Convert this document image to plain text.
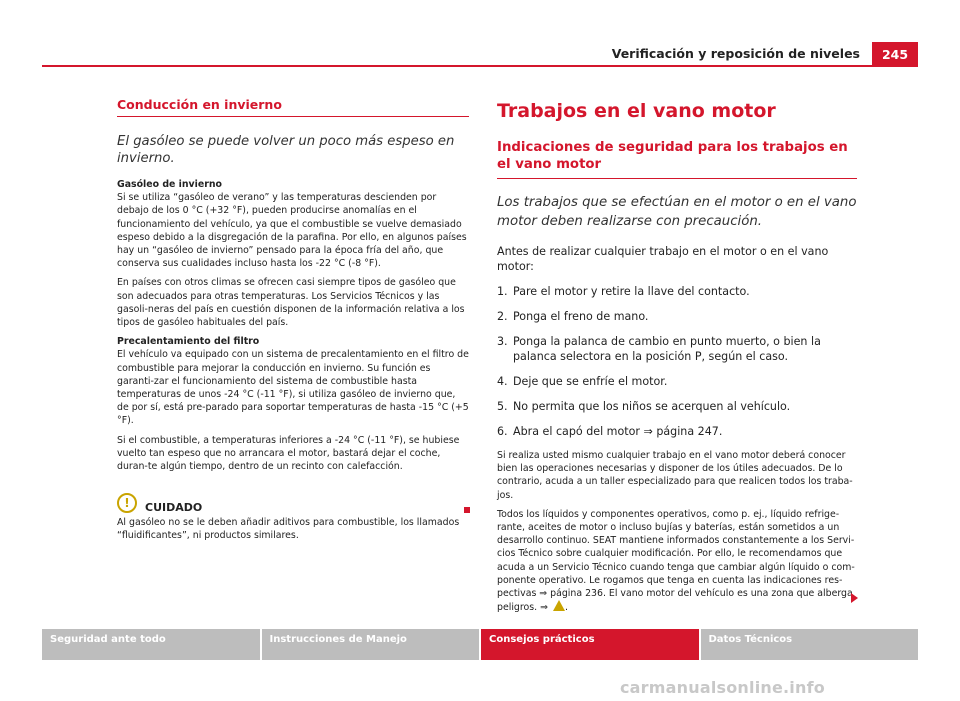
Verificación y reposición de niveles	245
Conducción en invierno
El gasóleo se puede volver un poco más espeso en invierno.
Gasóleo de invierno

Si se utiliza “gasóleo de verano” y las temperaturas descienden por debajo de los 0 °C (+32 °F), pueden producirse anomalías en el funcionamiento del vehículo, ya que el combustible se vuelve demasiado espeso debido a la disgregación de la parafina. Por ello, en algunos países hay un “gasóleo de invierno” pensado para la época fría del año, que conserva sus cualidades incluso hasta los -22 °C (-8 °F).

En países con otros climas se ofrecen casi siempre tipos de gasóleo que son adecuados para otras temperaturas. Los Servicios Técnicos y las gasoli-neras del país en cuestión disponen de la información relativa a los tipos de gasóleo habituales del país.

Precalentamiento del filtro

El vehículo va equipado con un sistema de precalentamiento en el filtro de combustible para mejorar la conducción en invierno. Su función es garanti-zar el funcionamiento del sistema de combustible hasta temperaturas de unos -24 °C (-11 °F), si utiliza gasóleo de invierno que, de por sí, está pre-parado para soportar temperaturas de hasta -15 °C (+5 °F).

Si el combustible, a temperaturas inferiores a -24 °C (-11 °F), se hubiese vuelto tan espeso que no arrancara el motor, bastará dejar el coche, duran-te algún tiempo, dentro de un recinto con calefacción.

!	CUIDADO

Al gasóleo no se le deben añadir aditivos para combustible, los llamados “fluidificantes”, ni productos similares.

Trabajos en el vano motor
Indicaciones de seguridad para los trabajos en el vano motor
Los trabajos que se efectúan en el motor o en el vano motor deben realizarse con precaución.

Antes de realizar cualquier trabajo en el motor o en el vano motor:

1. Pare el motor y retire la llave del contacto.
2. Ponga el freno de mano.
3. Ponga la palanca de cambio en punto muerto, o bien la palanca selectora en la posición P, según el caso.
4. Deje que se enfríe el motor.
5. No permita que los niños se acerquen al vehículo.
6. Abra el capó del motor ⇒ página 247.

Si realiza usted mismo cualquier trabajo en el vano motor deberá conocer bien las operaciones necesarias y disponer de los útiles adecuados. De lo contrario, acuda a un taller especializado para que realicen todos los traba-jos.

Todos los líquidos y componentes operativos, como p. ej., líquido refrige-rante, aceites de motor o incluso bujías y baterías, están sometidos a un desarrollo continuo. SEAT mantiene informados constantemente a los Servi-cios Técnico sobre cualquier modificación. Por ello, le recomendamos que acuda a un Servicio Técnico cuando tenga que cambiar algún líquido o com-ponente operativo. Le rogamos que tenga en cuenta las indicaciones res-pectivas ⇒ página 236. El vano motor del vehículo es una zona que alberga peligros. ⇒ .

Seguridad ante todo	Instrucciones de Manejo	Consejos prácticos	Datos Técnicos
carmanualsonline.info
